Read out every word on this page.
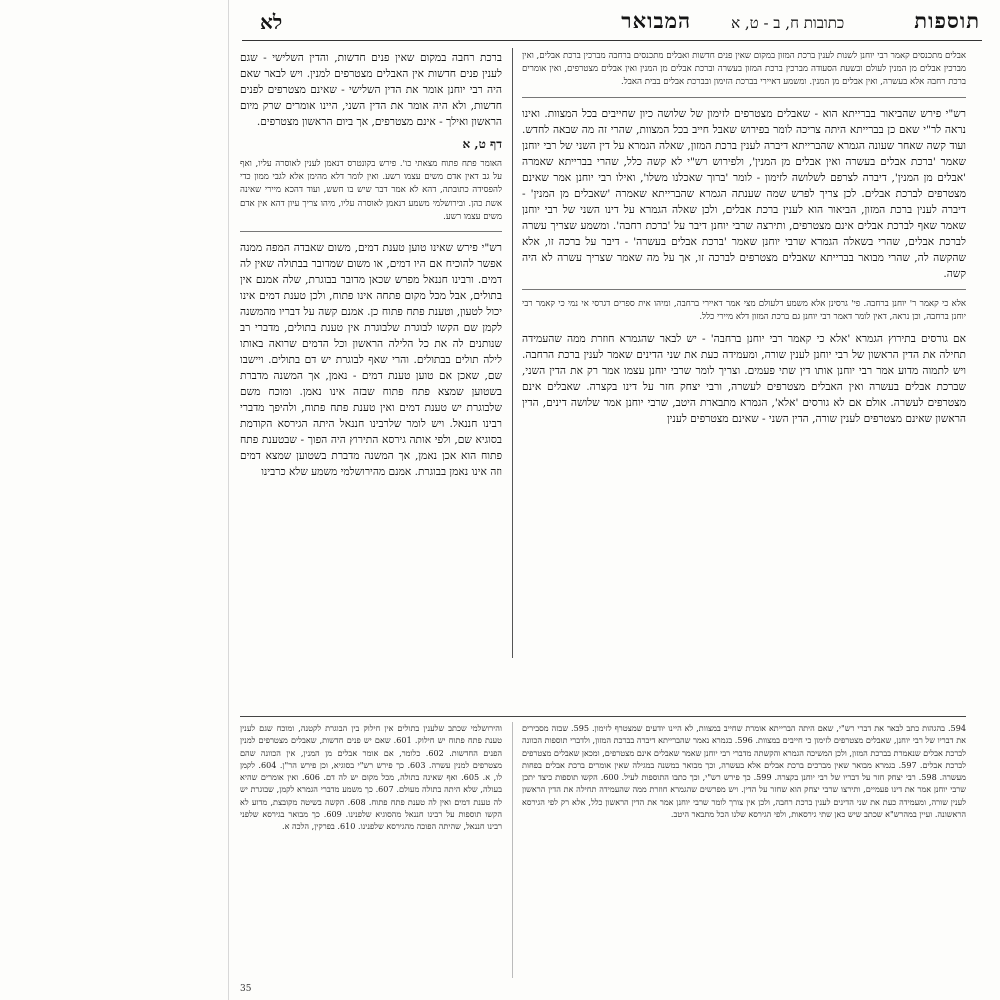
תוספות
כתובות ח, ב - ט, א
המבואר
לא
אבלים מתכנסים קאמר רבי יוחנן לשנות לענין ברכת המזון במקום שאין פנים חדשות ואבלים מתכנסים ברחבה מברכין ברכת אבלים, ואין מברכין אבלים מן המנין לעולם ובשעת הסעודה מברכין ברכת המזון בעשרה וברכת אבלים מן המנין ואין אבלים מצטרפים, ואין אומרים ברכת רחבה אלא בעשרה, ואין אבלים מן המנין. ומשמע דאיירי בברכת הזימון ובברכת אבלים בבית האבל.
רש"י פירש שהביאור בברייתא הוא - שאבלים מצטרפים לזימון של שלושה כיון שחייבים בכל המצוות. ואינו נראה לר"י שאם כן בברייתא היתה צריכה לומר בפירוש שאבל חייב בכל המצוות, שהרי זה מה שבאה לחדש. ועוד קשה שאחר שעונה הגמרא שהברייתא דיברה לענין ברכת המזון, שאלה הגמרא על דין השני של רבי יוחנן שאמר 'ברכת אבלים בעשרה ואין אבלים מן המנין', ולפירוש רש"י לא קשה כלל, שהרי בברייתא שאמרה 'אבלים מן המנין', דיברה לצרפם לשלושה לזימון - לומר 'ברוך שאכלנו משלו', ואילו רבי יוחנן אמר שאינם מצטרפים לברכת אבלים. לכן צריך לפרש שמה שענתה הגמרא שהברייתא שאמרה 'שאבלים מן המנין' - דיברה לענין ברכת המזון, הביאור הוא לענין ברכת אבלים, ולכן שאלה הגמרא על דינו השני של רבי יוחנן שאמר שאף לברכת אבלים אינם מצטרפים, ותירצה שרבי יוחנן דיבר על 'ברכת רחבה'. ומשמע שצריך עשרה לברכת אבלים, שהרי בשאלה הגמרא שרבי יוחנן שאמר 'ברכת אבלים בעשרה' - דיבר על ברכה זו, אלא שהקשה לה, שהרי מבואר בברייתא שאבלים מצטרפים לברכה זו, אך על מה שאמר שצריך עשרה לא היה קשה.
אלא כי קאמר ר' יוחנן ברחבה. פי' גרסינן אלא משמע דלעולם מצי אמר דאיירי ברחבה, ומיהו אית ספרים דגרסי אי נמי כי קאמר רבי יוחנן ברחבה, וכן נראה, דאין לומר דאמר רבי יוחנן גם ברכת המזון דלא מיירי כלל.
אם גורסים בתירוץ הגמרא 'אלא כי קאמר רבי יוחנן ברחבה' - יש לבאר שהגמרא חוזרת ממה שהעמידה תחילה את הדין הראשון של רבי יוחנן לענין שורה, ומעמידה כעת את שני הדינים שאמר לענין ברכת הרחבה. ויש לתמוה מדוע אמר רבי יוחנן אותו דין שתי פעמים. וצריך לומר שרבי יוחנן עצמו אמר רק את הדין השני, שברכת אבלים בעשרה ואין האבלים מצטרפים לעשרה, ורבי יצחק חזר על דינו בקצרה. שאבלים אינם מצטרפים לעשרה. אולם אם לא גורסים 'אלא', הגמרא מתבארת היטב, שרבי יוחנן אמר שלושה דינים, הדין הראשון שאינם מצטרפים לענין שורה, הדין השני - שאינם מצטרפים לענין
ברכת רחבה במקום שאין פנים חדשות, והדין השלישי - שגם לענין פנים חדשות אין האבלים מצטרפים למנין. ויש לבאר שאם היה רבי יוחנן אומר את הדין השלישי - שאינם מצטרפים לפנים חדשות, ולא היה אומר את הדין השני, היינו אומרים שרק מיום הראשון ואילך - אינם מצטרפים, אך ביום הראשון מצטרפים.
דף ט, א
האומר פתח פתוח מצאתי כו'. פירש בקונטרס דנאמן לענין לאוסרה עליו, ואף על גב דאין אדם משים עצמו רשע. ואין לומר דלא מהימן אלא לגבי ממון כדי להפסידה כתובתה, דהא לא אמר דבר שיש בו חשש, ועוד דהכא מיירי שאינה אשת כהן. ובירושלמי משמע דנאמן לאוסרה עליו, מיהו צריך עיון דהא אין אדם משים עצמו רשע.
רש"י פירש שאינו טוען טענת דמים, משום שאבדה המפה ממנה אפשר להוכיח אם היו דמים, או משום שמדובר בבתולה שאין לה דמים. ורבינו חננאל מפרש שכאן מדובר בבוגרת, שלה אמנם אין בתולים, אבל מכל מקום פתחה אינו פתוח, ולכן טענת דמים אינו יכול לטעון, וטענת פתח פתוח כן. אמנם קשה על דבריו מהמשנה לקמן שם הקשו לבוגרת שלבוגרת אין טענת בתולים, מדברי רב שנותנים לה את כל הלילה הראשון וכל הדמים שרואה באותו לילה תולים בבתולים. והרי שאף לבוגרת יש דם בתולים. ויישבו שם, שאכן אם טוען טענת דמים - נאמן, אך המשנה מדברת בשטוען שמצא פתח פתוח שבזה אינו נאמן. ומוכח משם שלבוגרת יש טענת דמים ואין טענת פתח פתוח, ולהיפך מדברי רבינו חננאל. ויש לומר שלרבינו חננאל היתה הגירסא הקודמת בסוגיא שם, ולפי אותה גירסא התירוץ היה הפוך - שבטענת פתח פתוח הוא אכן נאמן, אך המשנה מדברת בשטוען שמצא דמים וזה אינו נאמן בבוגרת. אמנם מהירושלמי משמע שלא כרבינו
594. בהגהות כתב לבאר את דברי רש"י, שאם היתה הברייתא אומרת שחייב במצוות, לא היינו יודעים שמצטרף לזימון. 595. שבזה מסבירים את דבריו של רבי יוחנן, שאבלים מצטרפים לזימון כי חייבים במצוות. 596. בגמרא נאמר שהברייתא דיברה בברכת המזון, ולדברי תוספות הכוונה לברכת אבלים שנאמרת בברכת המזון, ולכן המשיכה הגמרא והקשתה מדברי רבי יוחנן שאמר שאבלים אינם מצטרפים, ומכאן שאבלים מצטרפים לברכת אבלים. 597. בגמרא מבואר שאין מברכים ברכת אבלים אלא בעשרה, וכך מבואר במשנה במגילה שאין אומרים ברכת אבלים בפחות מעשרה. 598. רבי יצחק חזר על דבריו של רבי יוחנן בקצרה. 599. כך פירש רש"י, וכך כתבו התוספות לעיל. 600. הקשו תוספות כיצד יתכן שרבי יוחנן אמר את דינו פעמיים, ותירצו שרבי יצחק הוא שחזר על הדין. ויש מפרשים שהגמרא חוזרת ממה שהעמידה תחילה את הדין הראשון לענין שורה, ומעמידה כעת את שני הדינים לענין ברכת רחבה, ולכן אין צורך לומר שרבי יוחנן אמר את הדין הראשון כלל, אלא רק לפי הגירסא הראשונה. ועיין במהרש"א שכתב שיש כאן שתי גירסאות, ולפי הגירסא שלנו הכל מתבאר היטב.
והירושלמי שכתב שלענין בתולים אין חילוק בין הבוגרת לקטנה, ומוכח שגם לענין טענת פתח פתוח יש חילוק. 601. שאם יש פנים חדשות, שאבלים מצטרפים למנין הפנים החדשות. 602. כלומר, אם אומר אבלים מן המנין, אין הכוונה שהם מצטרפים למנין עשרה. 603. כך פירש רש"י בסוגיא, וכן פירש הר"ן. 604. לקמן לו, א. 605. ואף שאינה בתולה, מכל מקום יש לה דם. 606. ואין אומרים שהיא בעולה, שלא היתה בתולה מעולם. 607. כך משמע מדברי הגמרא לקמן, שבוגרת יש לה טענת דמים ואין לה טענת פתח פתוח. 608. הקשה בשיטה מקובצת, מדוע לא הקשו תוספות על רבינו חננאל מהסוגיא שלפנינו. 609. כך מבואר בגירסא שלפני רבינו חננאל, שהיתה הפוכה מהגירסא שלפנינו. 610. בפרקין, הלכה א.
35
